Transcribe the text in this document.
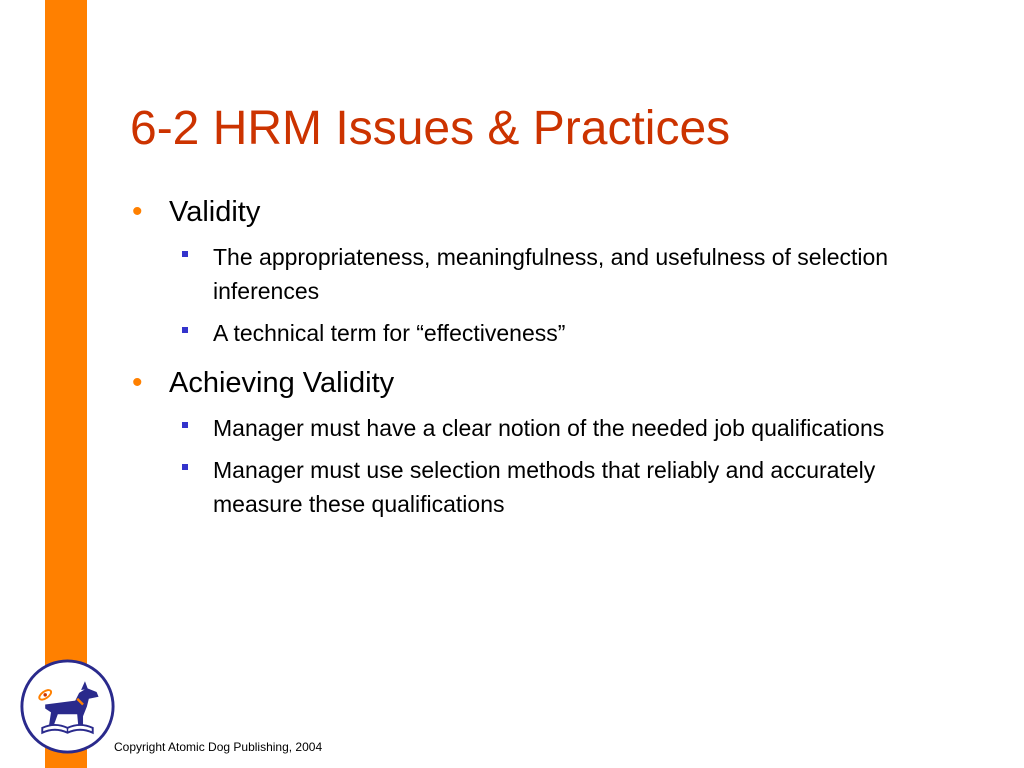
6-2 HRM Issues & Practices
• Validity
The appropriateness, meaningfulness, and usefulness of selection inferences
A technical term for “effectiveness”
• Achieving Validity
Manager must have a clear notion of the needed job qualifications
Manager must use selection methods that reliably and accurately measure these qualifications
Copyright Atomic Dog Publishing, 2004
